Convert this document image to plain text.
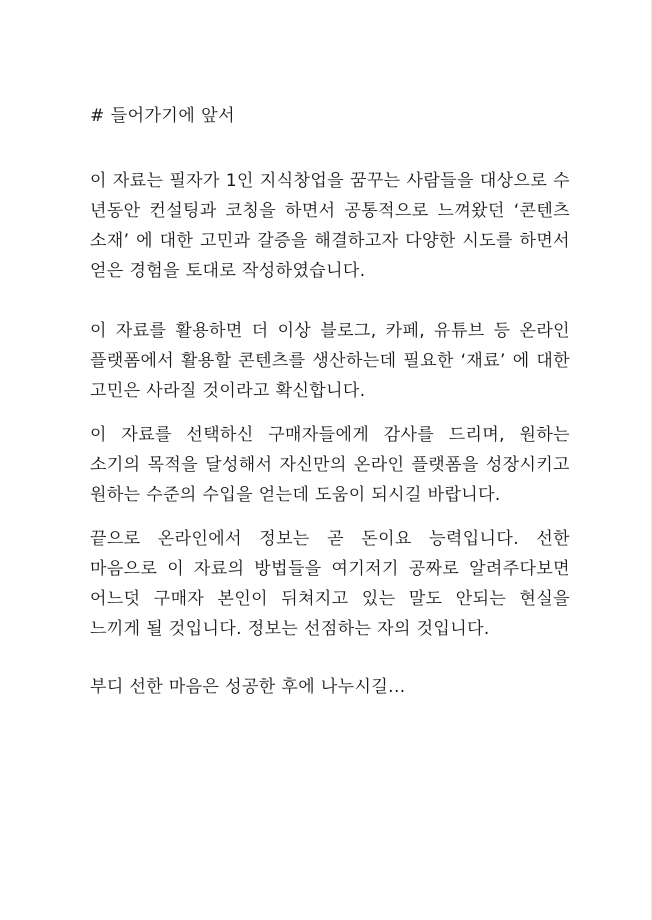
# 들어가기에 앞서

이 자료는 필자가 1인 지식창업을 꿈꾸는 사람들을 대상으로 수 년동안 컨설팅과 코칭을 하면서 공통적으로 느껴왔던 ‘콘텐츠 소재’ 에 대한 고민과 갈증을 해결하고자 다양한 시도를 하면서 얻은 경험을 토대로 작성하였습니다.

이 자료를 활용하면 더 이상 블로그, 카페, 유튜브 등 온라인 플랫폼에서 활용할 콘텐츠를 생산하는데 필요한 ‘재료’ 에 대한 고민은 사라질 것이라고 확신합니다.

이 자료를 선택하신 구매자들에게 감사를 드리며, 원하는 소기의 목적을 달성해서 자신만의 온라인 플랫폼을 성장시키고 원하는 수준의 수입을 얻는데 도움이 되시길 바랍니다.

끝으로 온라인에서 정보는 곧 돈이요 능력입니다. 선한 마음으로 이 자료의 방법들을 여기저기 공짜로 알려주다보면 어느덧 구매자 본인이 뒤쳐지고 있는 말도 안되는 현실을 느끼게 될 것입니다. 정보는 선점하는 자의 것입니다.

부디 선한 마음은 성공한 후에 나누시길...
